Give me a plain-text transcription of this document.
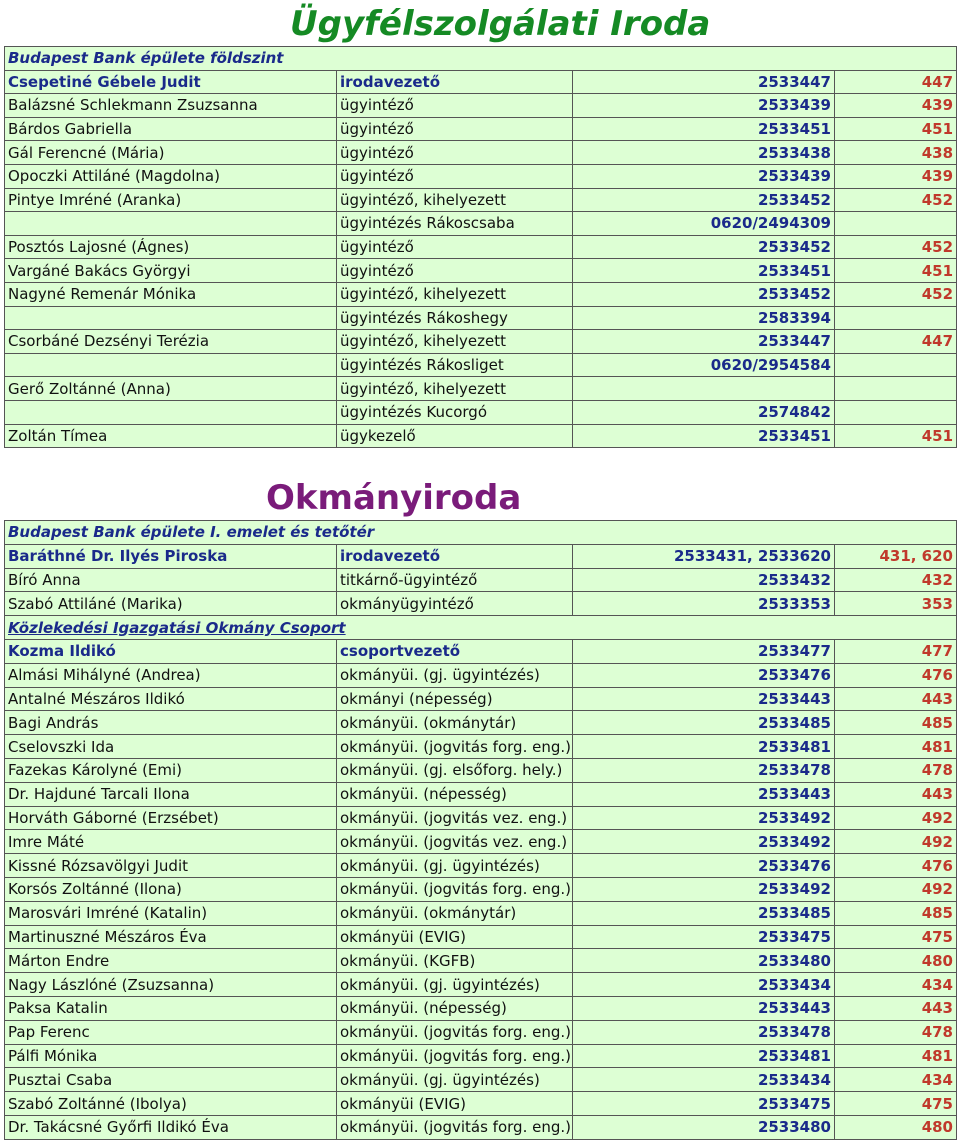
Ügyfélszolgálati Iroda
Budapest Bank épülete földszint			
Csepetiné Gébele Judit	irodavezető	2533447	447
Balázsné Schlekmann Zsuzsanna	ügyintéző	2533439	439
Bárdos Gabriella	ügyintéző	2533451	451
Gál Ferencné (Mária)	ügyintéző	2533438	438
Opoczki Attiláné (Magdolna)	ügyintéző	2533439	439
Pintye Imréné (Aranka)	ügyintéző, kihelyezett	2533452	452
	ügyintézés Rákoscsaba	0620/2494309	
Posztós Lajosné (Ágnes)	ügyintéző	2533452	452
Vargáné Bakács Györgyi	ügyintéző	2533451	451
Nagyné Remenár Mónika	ügyintéző, kihelyezett	2533452	452
	ügyintézés Rákoshegy	2583394	
Csorbáné Dezsényi Terézia	ügyintéző, kihelyezett	2533447	447
	ügyintézés Rákosliget	0620/2954584	
Gerő Zoltánné (Anna)	ügyintéző, kihelyezett		
	ügyintézés Kucorgó	2574842	
Zoltán Tímea	ügykezelő	2533451	451
Okmányiroda
Budapest Bank épülete I. emelet és tetőtér			
Baráthné Dr. Ilyés Piroska	irodavezető	2533431, 2533620	431, 620
Bíró Anna	titkárnő-ügyintéző	2533432	432
Szabó Attiláné (Marika)	okmányügyintéző	2533353	353
Közlekedési Igazgatási Okmány Csoport			
Kozma Ildikó	csoportvezető	2533477	477
Almási Mihályné (Andrea)	okmányüi. (gj. ügyintézés)	2533476	476
Antalné Mészáros Ildikó	okmányi (népesség)	2533443	443
Bagi András	okmányüi. (okmánytár)	2533485	485
Cselovszki Ida	okmányüi. (jogvitás forg. eng.)	2533481	481
Fazekas Károlyné (Emi)	okmányüi. (gj. elsőforg. hely.)	2533478	478
Dr. Hajduné Tarcali Ilona	okmányüi. (népesség)	2533443	443
Horváth Gáborné (Erzsébet)	okmányüi. (jogvitás vez. eng.)	2533492	492
Imre Máté	okmányüi. (jogvitás vez. eng.)	2533492	492
Kissné Rózsavölgyi Judit	okmányüi. (gj. ügyintézés)	2533476	476
Korsós Zoltánné (Ilona)	okmányüi. (jogvitás forg. eng.)	2533492	492
Marosvári Imréné (Katalin)	okmányüi. (okmánytár)	2533485	485
Martinuszné Mészáros Éva	okmányüi (EVIG)	2533475	475
Márton Endre	okmányüi. (KGFB)	2533480	480
Nagy Lászlóné (Zsuzsanna)	okmányüi. (gj. ügyintézés)	2533434	434
Paksa Katalin	okmányüi. (népesség)	2533443	443
Pap Ferenc	okmányüi. (jogvitás forg. eng.)	2533478	478
Pálfi Mónika	okmányüi. (jogvitás forg. eng.)	2533481	481
Pusztai Csaba	okmányüi. (gj. ügyintézés)	2533434	434
Szabó Zoltánné (Ibolya)	okmányüi (EVIG)	2533475	475
Dr. Takácsné Győrfi Ildikó Éva	okmányüi. (jogvitás forg. eng.)	2533480	480
